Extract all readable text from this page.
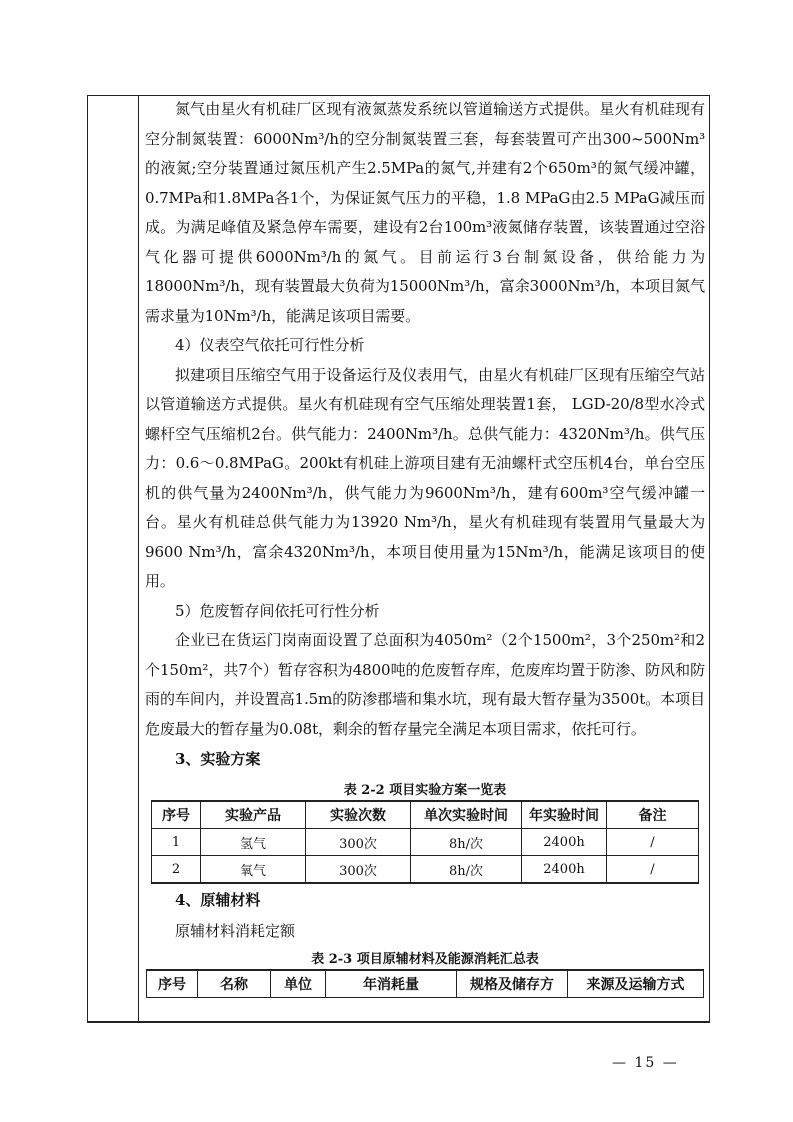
氮气由星火有机硅厂区现有液氮蒸发系统以管道输送方式提供。星火有机硅现有空分制氮装置：6000Nm³/h的空分制氮装置三套，每套装置可产出300~500Nm³的液氮;空分装置通过氮压机产生2.5MPa的氮气,并建有2个650m³的氮气缓冲罐，0.7MPa和1.8MPa各1个，为保证氮气压力的平稳，1.8 MPaG由2.5 MPaG减压而成。为满足峰值及紧急停车需要，建设有2台100m³液氮储存装置，该装置通过空浴气化器可提供6000Nm³/h的氮气。目前运行3台制氮设备，供给能力为18000Nm³/h，现有装置最大负荷为15000Nm³/h，富余3000Nm³/h，本项目氮气需求量为10Nm³/h，能满足该项目需要。

4）仪表空气依托可行性分析

拟建项目压缩空气用于设备运行及仪表用气，由星火有机硅厂区现有压缩空气站以管道输送方式提供。星火有机硅现有空气压缩处理装置1套， LGD-20/8型水冷式螺杆空气压缩机2台。供气能力：2400Nm³/h。总供气能力：4320Nm³/h。供气压力：0.6～0.8MPaG。200kt有机硅上游项目建有无油螺杆式空压机4台，单台空压机的供气量为2400Nm³/h，供气能力为9600Nm³/h，建有600m³空气缓冲罐一台。星火有机硅总供气能力为13920 Nm³/h，星火有机硅现有装置用气量最大为9600 Nm³/h，富余4320Nm³/h，本项目使用量为15Nm³/h，能满足该项目的使用。

5）危废暂存间依托可行性分析

企业已在货运门岗南面设置了总面积为4050m²（2个1500m²，3个250m²和2个150m²，共7个）暂存容积为4800吨的危废暂存库，危废库均置于防渗、防风和防雨的车间内，并设置高1.5m的防渗郡墙和集水坑，现有最大暂存量为3500t。本项目危废最大的暂存量为0.08t，剩余的暂存量完全满足本项目需求，依托可行。

3、实验方案
表 2-2 项目实验方案一览表
序号	实验产品	实验次数	单次实验时间	年实验时间	备注
1	氢气	300次	8h/次	2400h	/
2	氧气	300次	8h/次	2400h	/
4、原辅材料
原辅材料消耗定额
表 2-3 项目原辅材料及能源消耗汇总表
序号	名称	单位	年消耗量	规格及储存方	来源及运输方式
— 15 —
